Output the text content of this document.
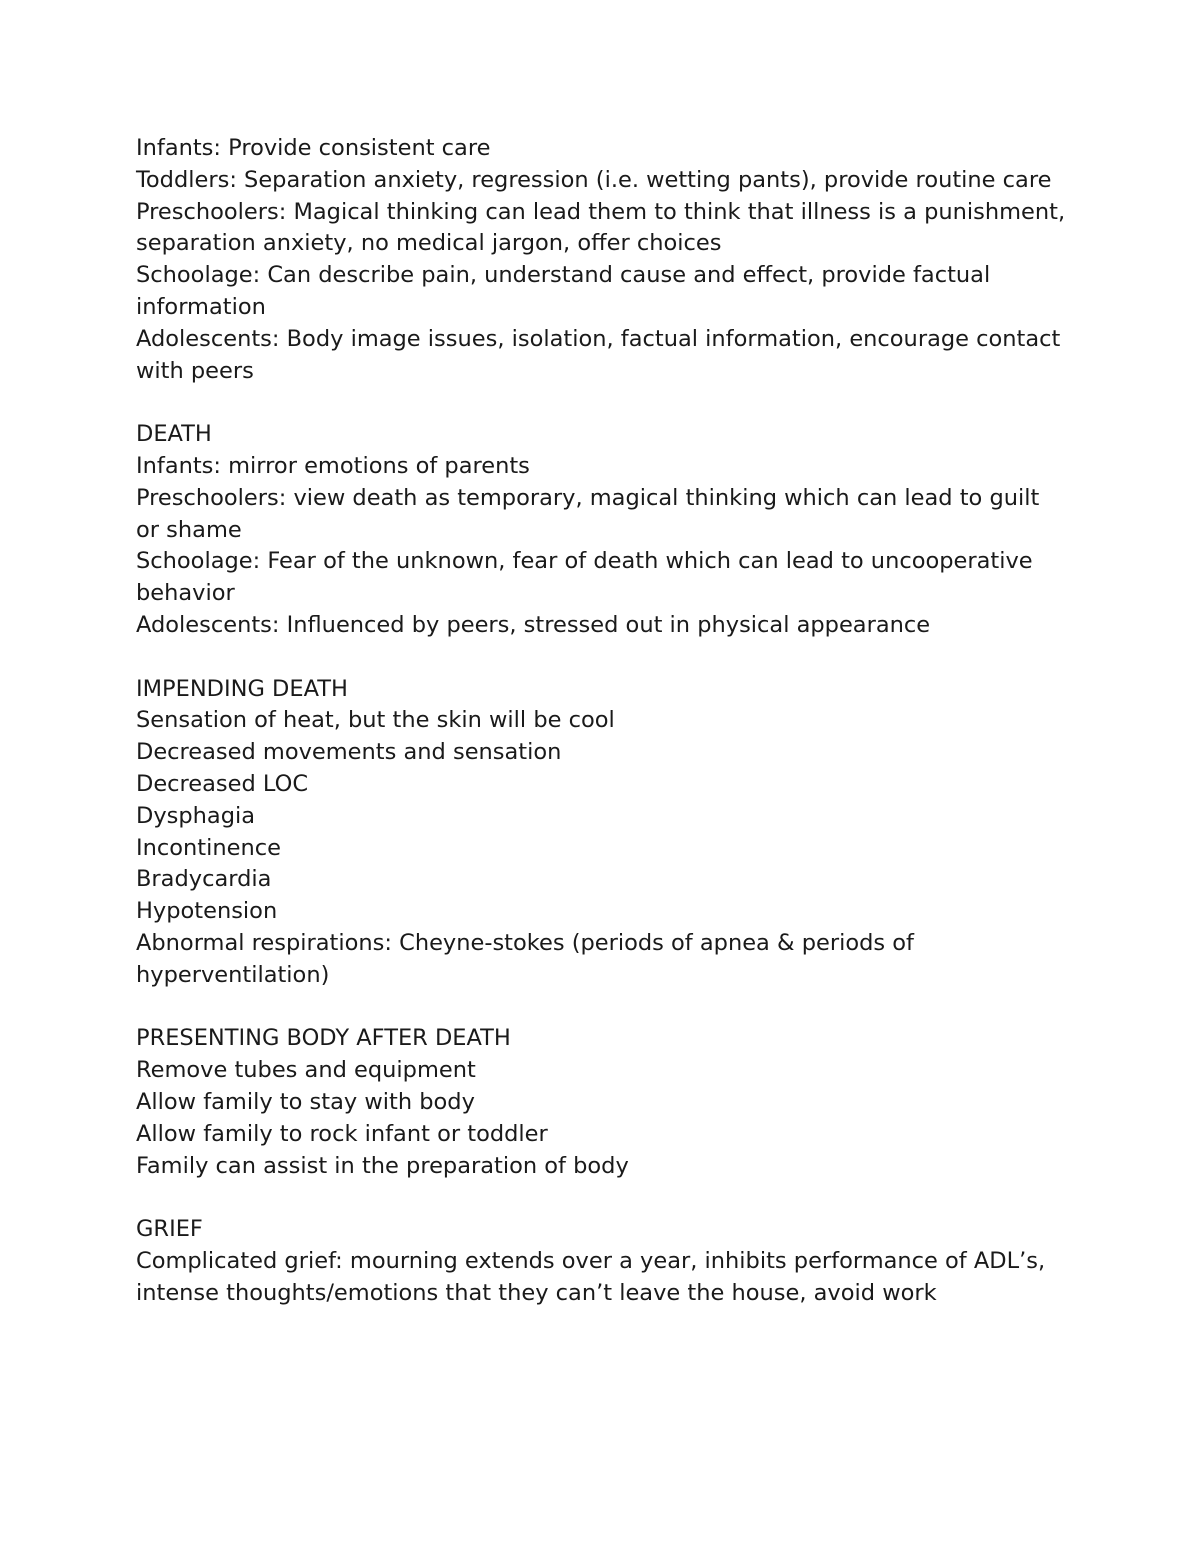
Infants: Provide consistent care

Toddlers: Separation anxiety, regression (i.e. wetting pants), provide routine care

Preschoolers: Magical thinking can lead them to think that illness is a punishment, separation anxiety, no medical jargon, offer choices

Schoolage: Can describe pain, understand cause and effect, provide factual information

Adolescents: Body image issues, isolation, factual information, encourage contact with peers

DEATH

Infants: mirror emotions of parents

Preschoolers: view death as temporary, magical thinking which can lead to guilt or shame

Schoolage: Fear of the unknown, fear of death which can lead to uncooperative behavior

Adolescents: Influenced by peers, stressed out in physical appearance

IMPENDING DEATH

Sensation of heat, but the skin will be cool

Decreased movements and sensation

Decreased LOC

Dysphagia

Incontinence

Bradycardia

Hypotension

Abnormal respirations: Cheyne-stokes (periods of apnea & periods of hyperventilation)

PRESENTING BODY AFTER DEATH

Remove tubes and equipment

Allow family to stay with body

Allow family to rock infant or toddler

Family can assist in the preparation of body

GRIEF

Complicated grief: mourning extends over a year, inhibits performance of ADL’s, intense thoughts/emotions that they can’t leave the house, avoid work
